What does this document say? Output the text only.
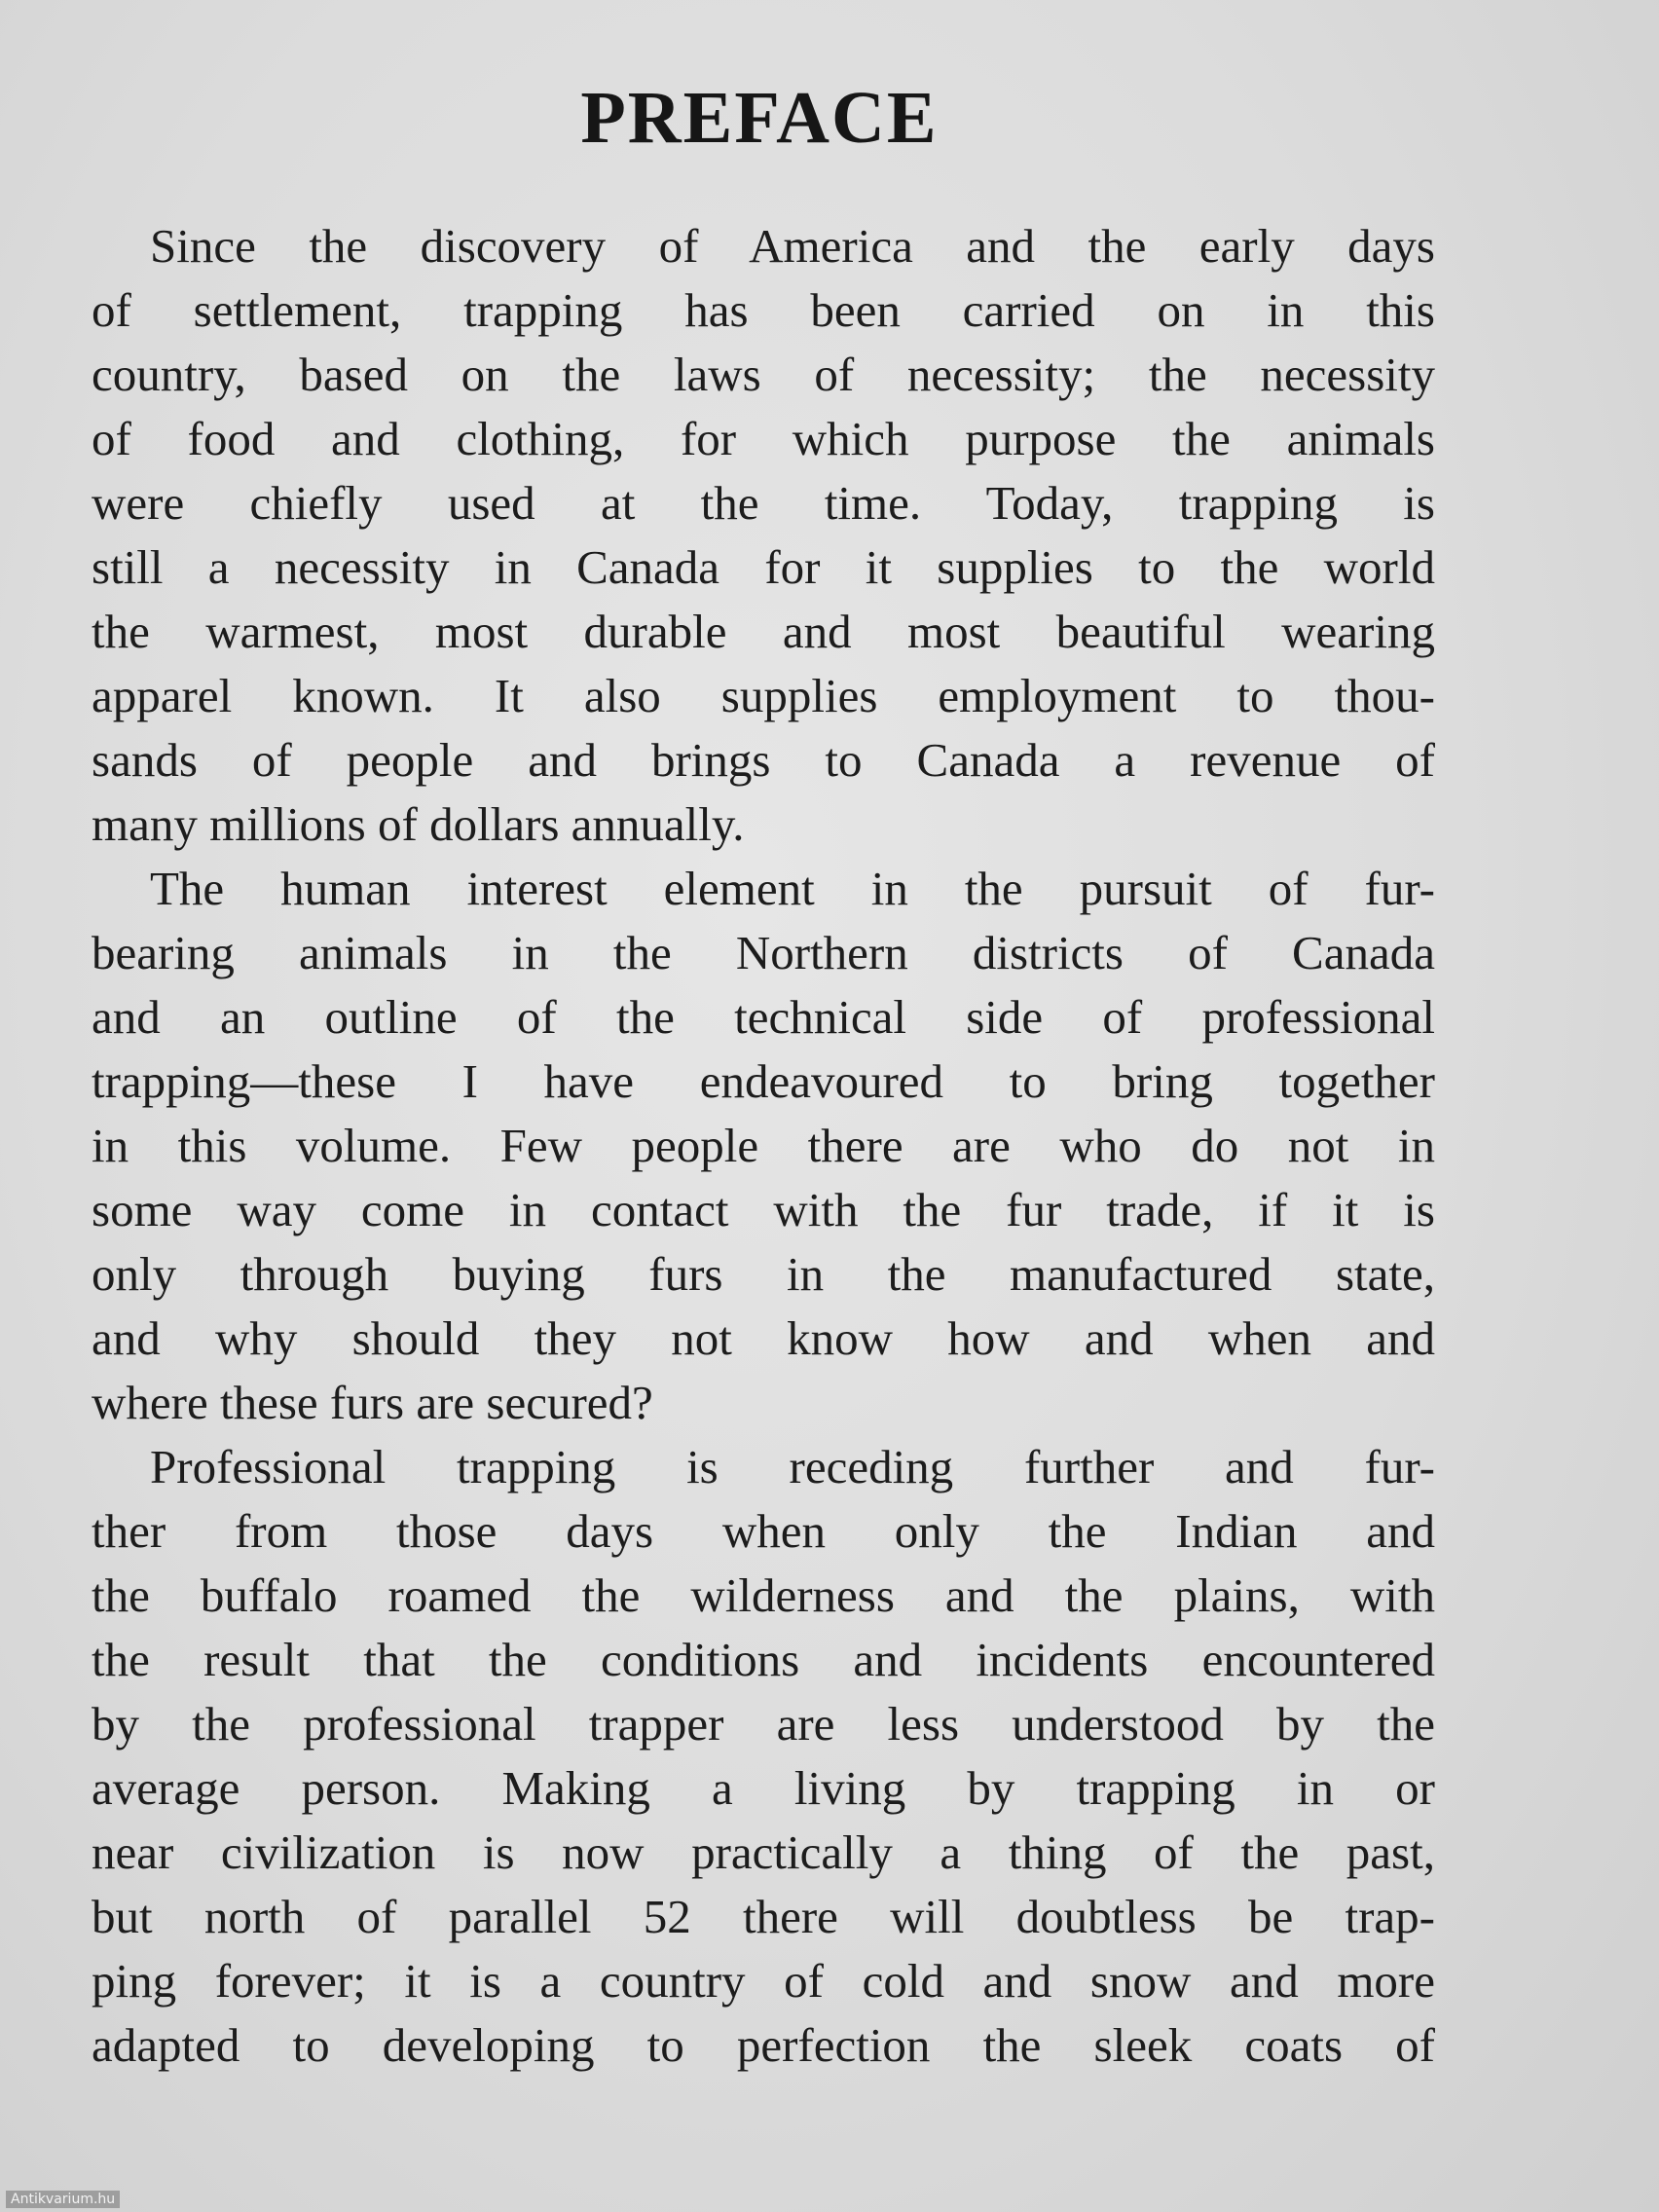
PREFACE
Since the discovery of America and the early days
of settlement, trapping has been carried on in this
country, based on the laws of necessity; the necessity
of food and clothing, for which purpose the animals
were chiefly used at the time. Today, trapping is
still a necessity in Canada for it supplies to the world
the warmest, most durable and most beautiful wearing
apparel known. It also supplies employment to thou-
sands of people and brings to Canada a revenue of
many millions of dollars annually.
The human interest element in the pursuit of fur-
bearing animals in the Northern districts of Canada
and an outline of the technical side of professional
trapping—these I have endeavoured to bring together
in this volume. Few people there are who do not in
some way come in contact with the fur trade, if it is
only through buying furs in the manufactured state,
and why should they not know how and when and
where these furs are secured?
Professional trapping is receding further and fur-
ther from those days when only the Indian and
the buffalo roamed the wilderness and the plains, with
the result that the conditions and incidents encountered
by the professional trapper are less understood by the
average person. Making a living by trapping in or
near civilization is now practically a thing of the past,
but north of parallel 52 there will doubtless be trap-
ping forever; it is a country of cold and snow and more
adapted to developing to perfection the sleek coats of
Antikvarium.hu
